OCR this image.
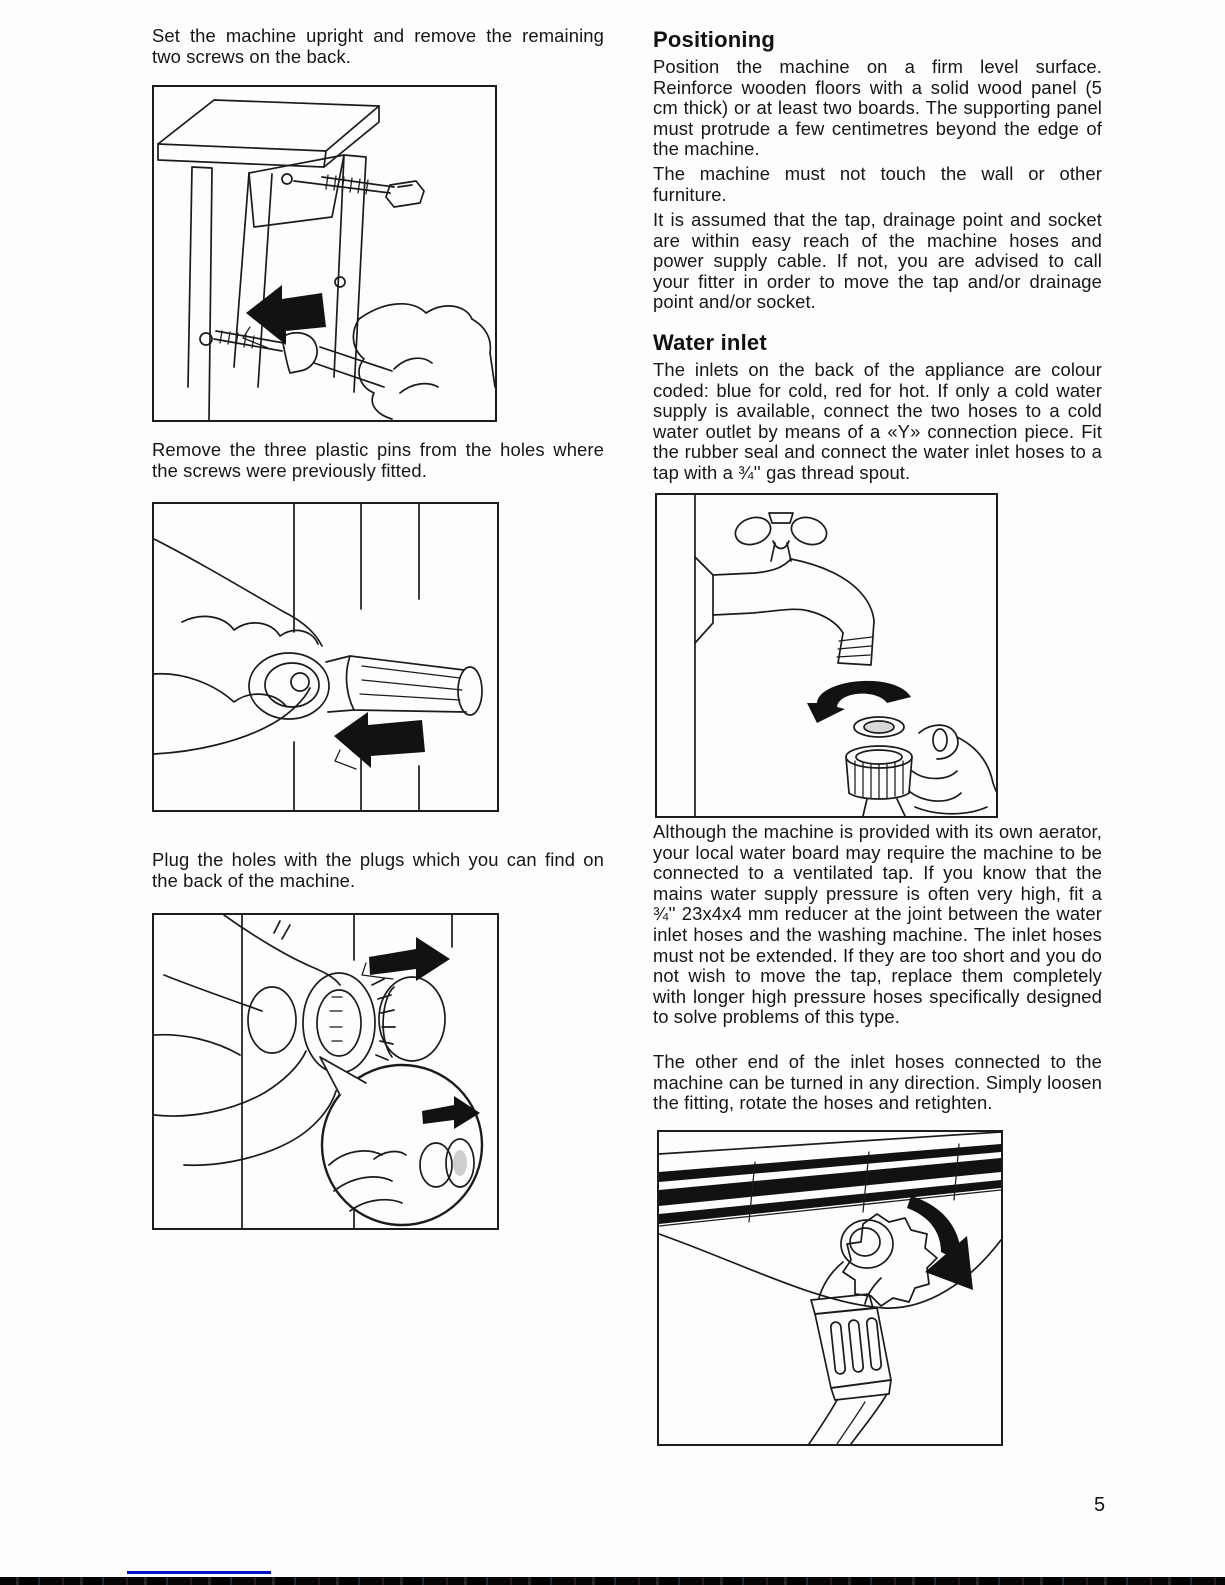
Set the machine upright and remove the remaining two screws on the back.

Remove the three plastic pins from the holes where the screws were previously fitted.

Plug the holes with the plugs which you can find on the back of the machine.

Positioning

Position the machine on a firm level surface. Reinforce wooden floors with a solid wood panel (5 cm thick) or at least two boards. The supporting panel must protrude a few centimetres beyond the edge of the machine.

The machine must not touch the wall or other furniture.

It is assumed that the tap, drainage point and socket are within easy reach of the machine hoses and power supply cable. If not, you are advised to call your fitter in order to move the tap and/or drainage point and/or socket.

Water inlet

The inlets on the back of the appliance are colour coded: blue for cold, red for hot. If only a cold water supply is available, connect the two hoses to a cold water outlet by means of a «Y» connection piece. Fit the rubber seal and connect the water inlet hoses to a tap with a ¾'' gas thread spout.

Although the machine is provided with its own aerator, your local water board may require the machine to be connected to a ventilated tap. If you know that the mains water supply pressure is often very high, fit a ¾'' 23x4x4 mm reducer at the joint between the water inlet hoses and the washing machine. The inlet hoses must not be extended. If they are too short and you do not wish to move the tap, replace them completely with longer high pressure hoses specifically designed to solve problems of this type.

The other end of the inlet hoses connected to the machine can be turned in any direction. Simply loosen the fitting, rotate the hoses and retighten.

5
